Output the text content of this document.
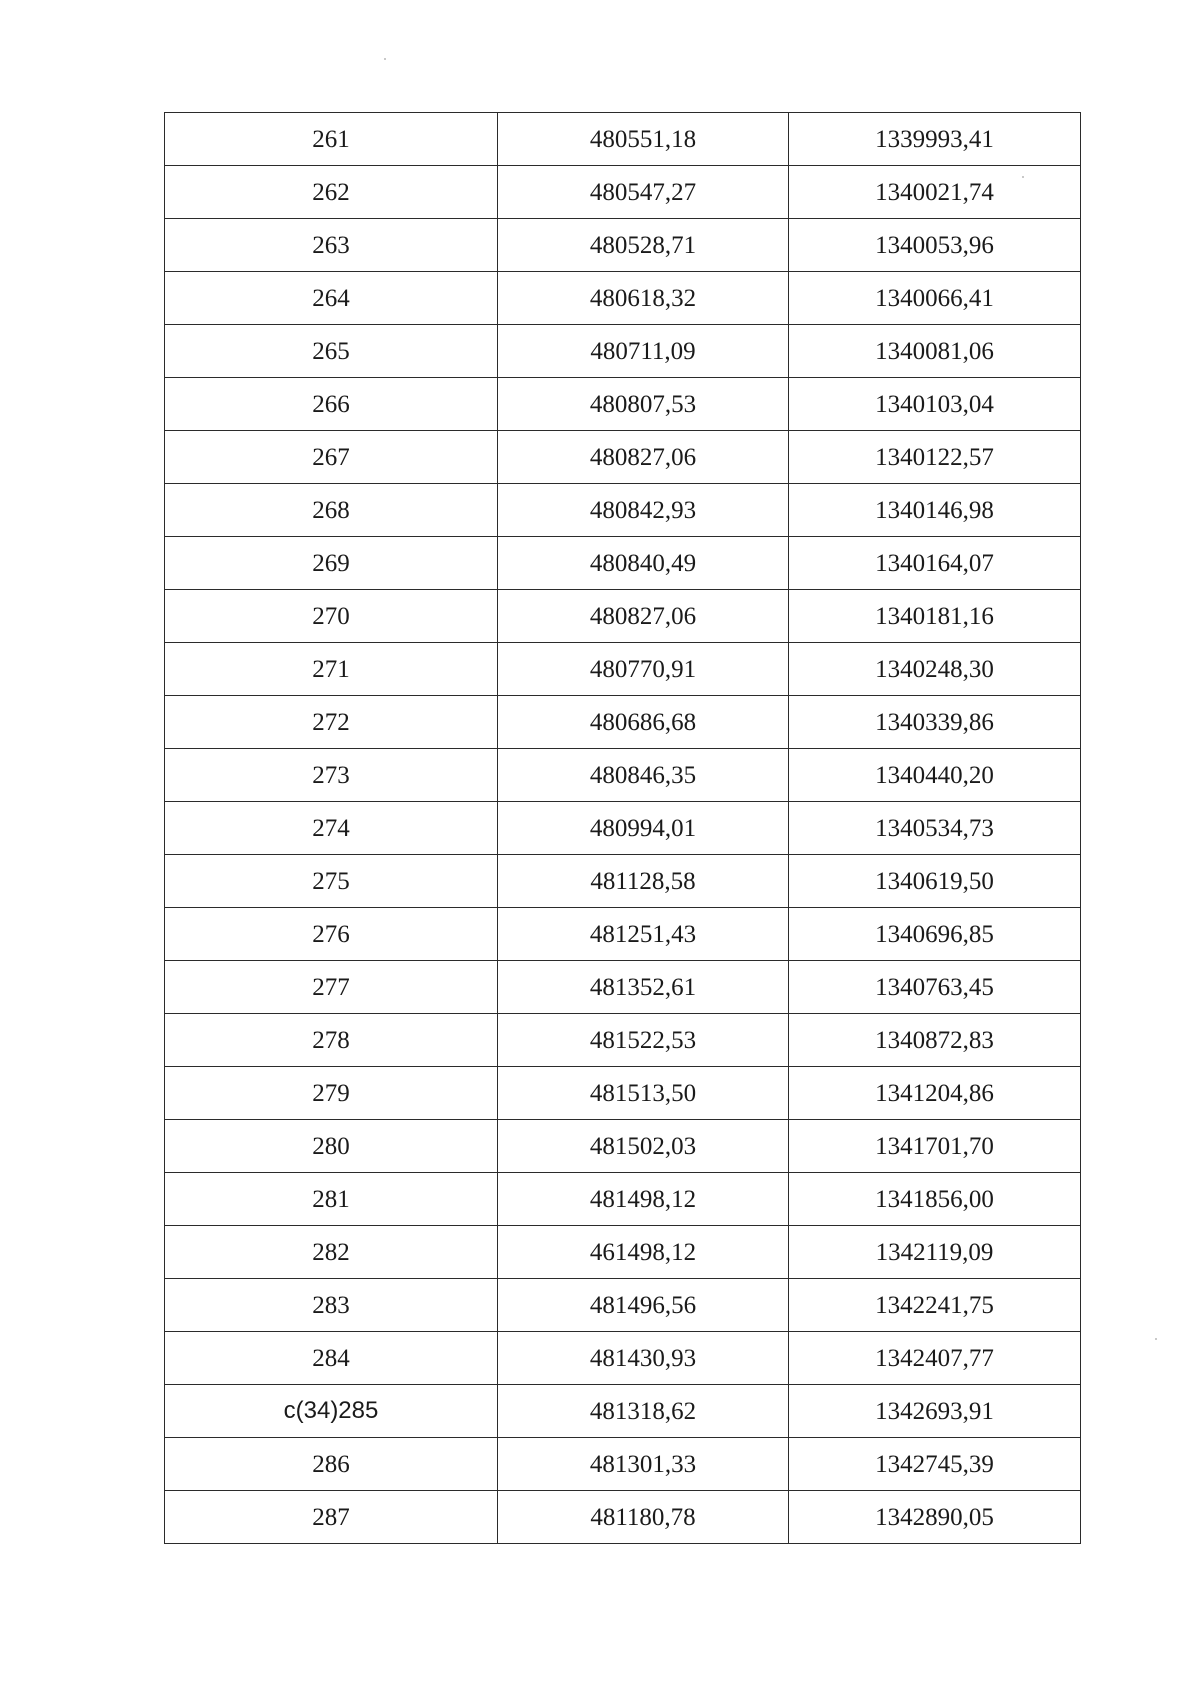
261	480551,18	1339993,41
262	480547,27	1340021,74
263	480528,71	1340053,96
264	480618,32	1340066,41
265	480711,09	1340081,06
266	480807,53	1340103,04
267	480827,06	1340122,57
268	480842,93	1340146,98
269	480840,49	1340164,07
270	480827,06	1340181,16
271	480770,91	1340248,30
272	480686,68	1340339,86
273	480846,35	1340440,20
274	480994,01	1340534,73
275	481128,58	1340619,50
276	481251,43	1340696,85
277	481352,61	1340763,45
278	481522,53	1340872,83
279	481513,50	1341204,86
280	481502,03	1341701,70
281	481498,12	1341856,00
282	461498,12	1342119,09
283	481496,56	1342241,75
284	481430,93	1342407,77
c(34)285	481318,62	1342693,91
286	481301,33	1342745,39
287	481180,78	1342890,05
